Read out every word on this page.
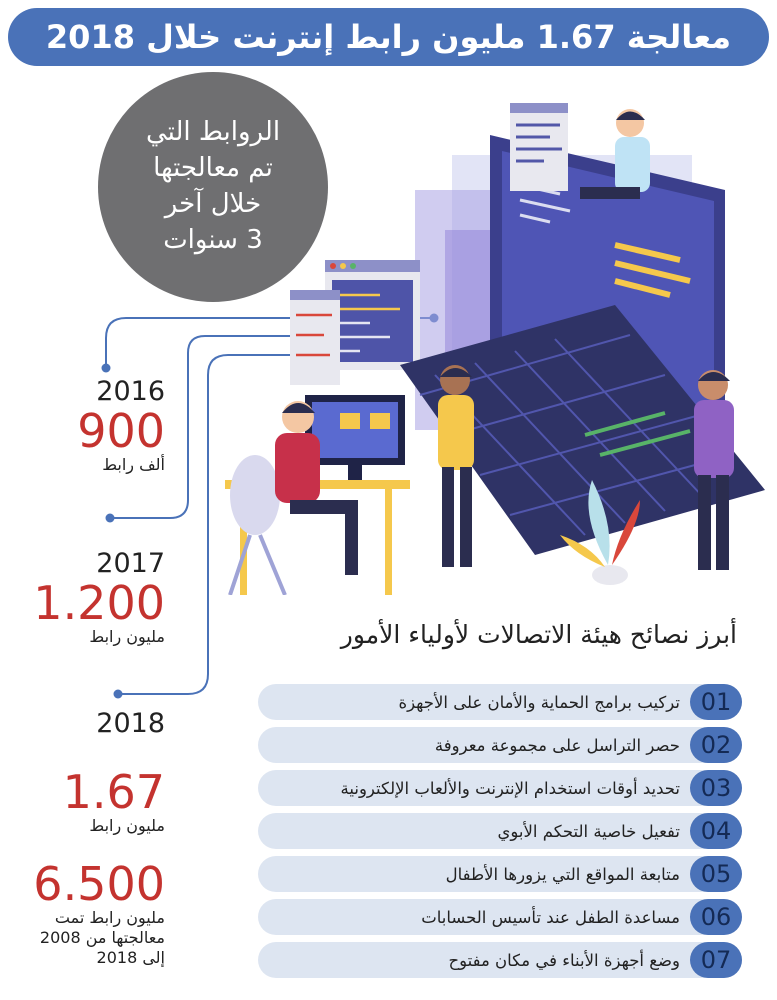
معالجة 1.67 مليون رابط إنترنت خلال 2018
الروابط التي
تم معالجتها
خلال آخر
3 سنوات
2016
900
ألف رابط
2017
1.200
مليون رابط
2018
1.67
مليون رابط
6.500
مليون رابط تمت
معالجتها من 2008
إلى 2018
أبرز نصائح هيئة الاتصالات لأولياء الأمور
01
تركيب برامج الحماية والأمان على الأجهزة
02
حصر التراسل على مجموعة معروفة
03
تحديد أوقات استخدام الإنترنت والألعاب الإلكترونية
04
تفعيل خاصية التحكم الأبوي
05
متابعة المواقع التي يزورها الأطفال
06
مساعدة الطفل عند تأسيس الحسابات
07
وضع أجهزة الأبناء في مكان مفتوح
